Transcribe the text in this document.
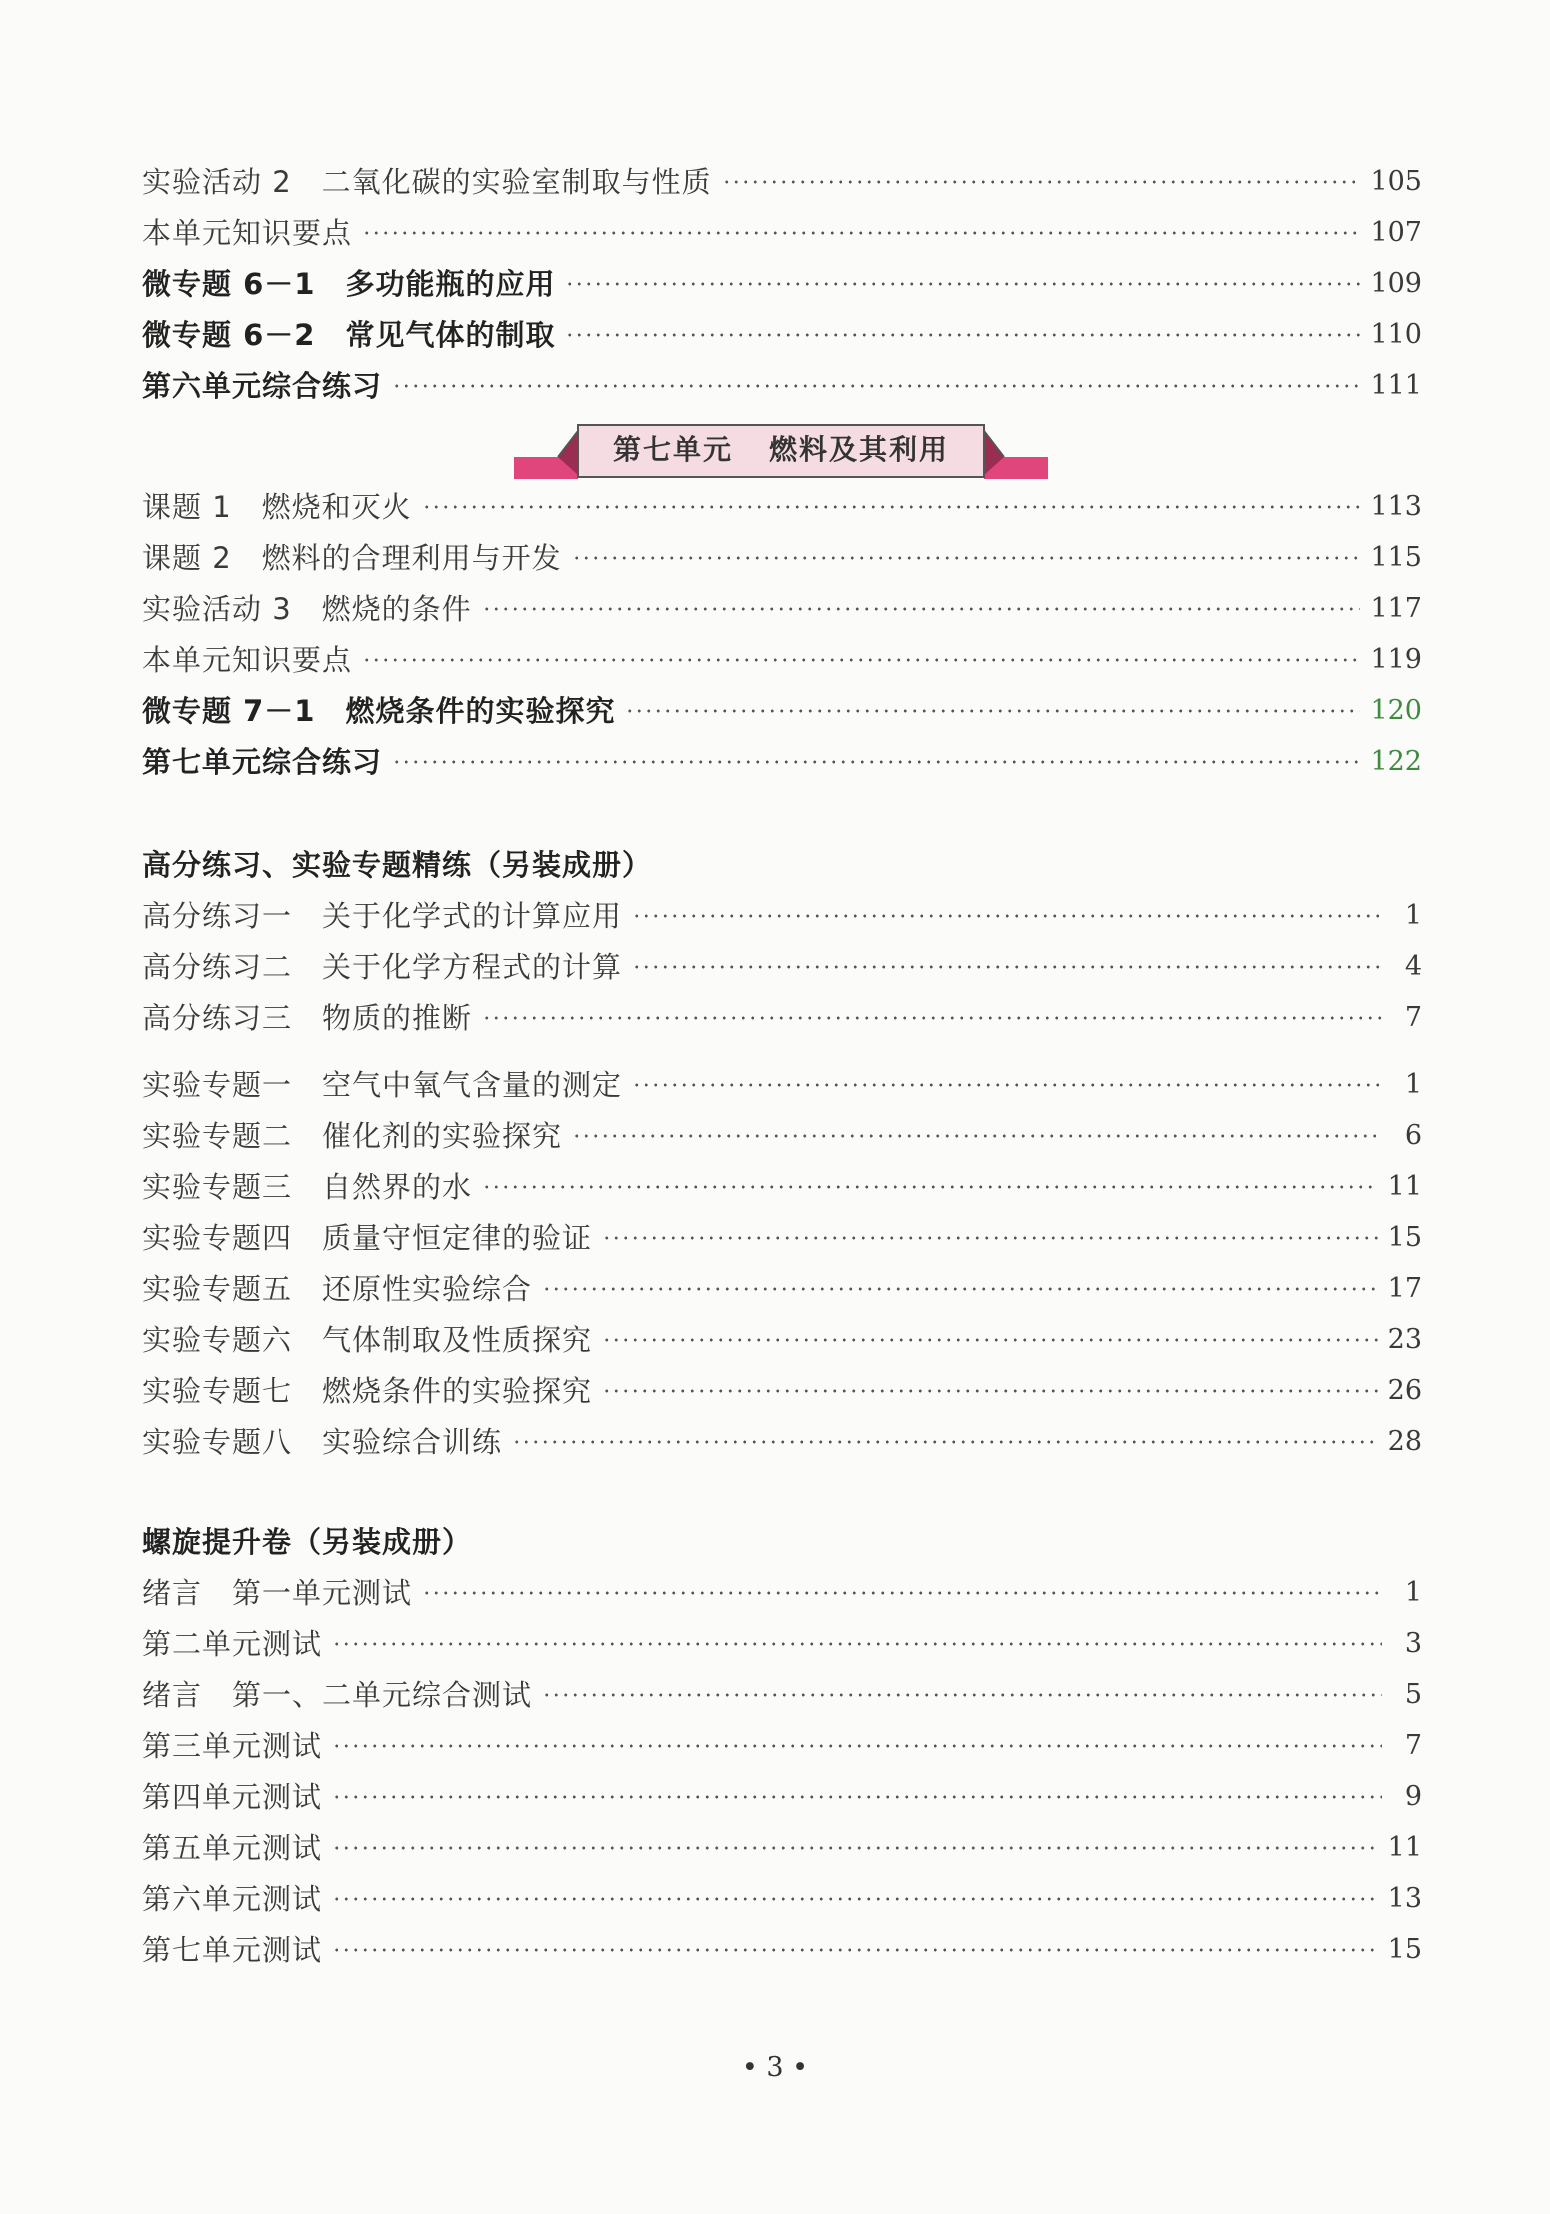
实验活动 2 二氧化碳的实验室制取与性质	105
本单元知识要点	107
微专题 6－1 多功能瓶的应用	109
微专题 6－2 常见气体的制取	110
第六单元综合练习	111
第七单元 燃料及其利用
课题 1 燃烧和灭火	113
课题 2 燃料的合理利用与开发	115
实验活动 3 燃烧的条件	117
本单元知识要点	119
微专题 7－1 燃烧条件的实验探究	120
第七单元综合练习	122
高分练习、实验专题精练（另装成册）
高分练习一 关于化学式的计算应用	1
高分练习二 关于化学方程式的计算	4
高分练习三 物质的推断	7
实验专题一 空气中氧气含量的测定	1
实验专题二 催化剂的实验探究	6
实验专题三 自然界的水	11
实验专题四 质量守恒定律的验证	15
实验专题五 还原性实验综合	17
实验专题六 气体制取及性质探究	23
实验专题七 燃烧条件的实验探究	26
实验专题八 实验综合训练	28
螺旋提升卷（另装成册）
绪言 第一单元测试	1
第二单元测试	3
绪言 第一、二单元综合测试	5
第三单元测试	7
第四单元测试	9
第五单元测试	11
第六单元测试	13
第七单元测试	15
• 3 •
